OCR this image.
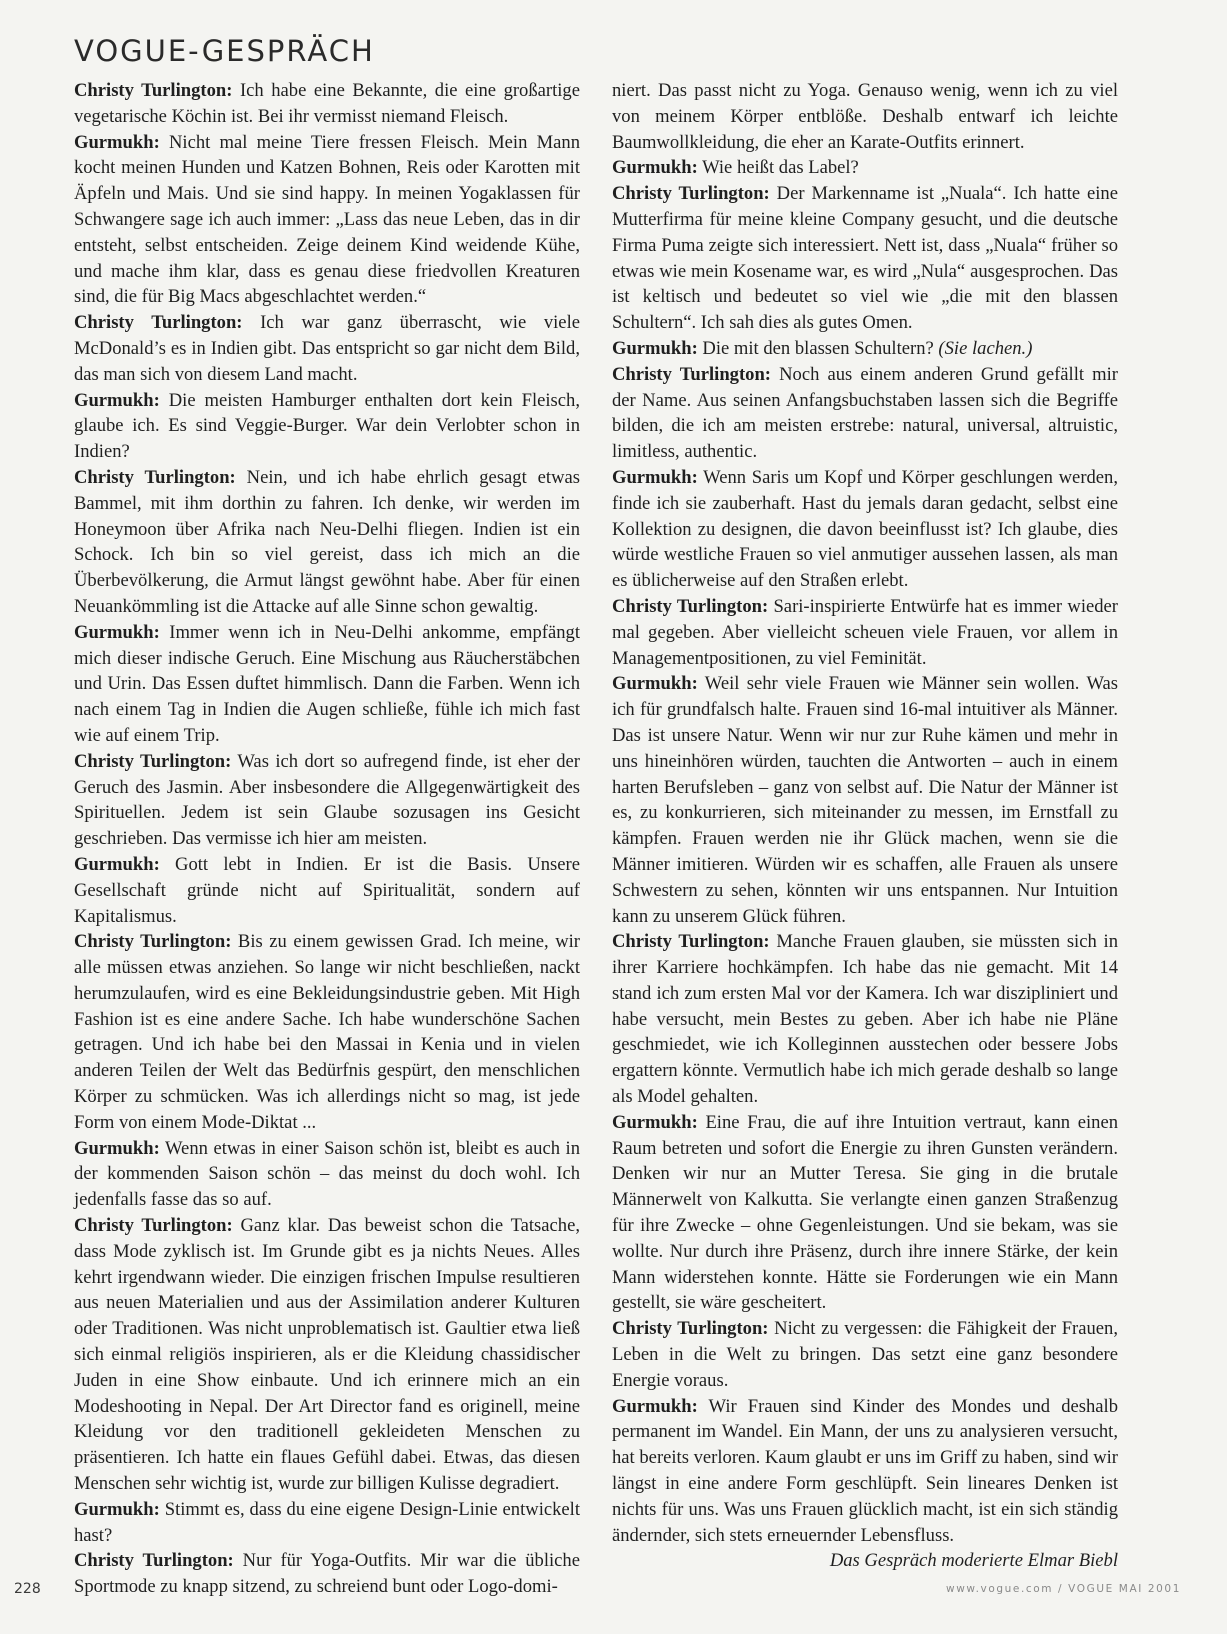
VOGUE-GESPRÄCH

Christy Turlington: Ich habe eine Bekannte, die eine großartige vegetarische Köchin ist. Bei ihr vermisst niemand Fleisch.

Gurmukh: Nicht mal meine Tiere fressen Fleisch. Mein Mann kocht meinen Hunden und Katzen Bohnen, Reis oder Karotten mit Äpfeln und Mais. Und sie sind happy. In meinen Yogaklassen für Schwangere sage ich auch immer: „Lass das neue Leben, das in dir entsteht, selbst entscheiden. Zeige deinem Kind weidende Kühe, und mache ihm klar, dass es genau diese friedvollen Kreaturen sind, die für Big Macs abgeschlachtet werden.“

Christy Turlington: Ich war ganz überrascht, wie viele McDonald’s es in Indien gibt. Das entspricht so gar nicht dem Bild, das man sich von diesem Land macht.

Gurmukh: Die meisten Hamburger enthalten dort kein Fleisch, glaube ich. Es sind Veggie-Burger. War dein Verlobter schon in Indien?

Christy Turlington: Nein, und ich habe ehrlich gesagt etwas Bammel, mit ihm dorthin zu fahren. Ich denke, wir werden im Honeymoon über Afrika nach Neu-Delhi fliegen. Indien ist ein Schock. Ich bin so viel gereist, dass ich mich an die Überbevölkerung, die Armut längst gewöhnt habe. Aber für einen Neuankömmling ist die Attacke auf alle Sinne schon gewaltig.

Gurmukh: Immer wenn ich in Neu-Delhi ankomme, empfängt mich dieser indische Geruch. Eine Mischung aus Räucherstäbchen und Urin. Das Essen duftet himmlisch. Dann die Farben. Wenn ich nach einem Tag in Indien die Augen schließe, fühle ich mich fast wie auf einem Trip.

Christy Turlington: Was ich dort so aufregend finde, ist eher der Geruch des Jasmin. Aber insbesondere die Allgegenwärtigkeit des Spirituellen. Jedem ist sein Glaube sozusagen ins Gesicht geschrieben. Das vermisse ich hier am meisten.

Gurmukh: Gott lebt in Indien. Er ist die Basis. Unsere Gesellschaft gründe nicht auf Spiritualität, sondern auf Kapitalismus.

Christy Turlington: Bis zu einem gewissen Grad. Ich meine, wir alle müssen etwas anziehen. So lange wir nicht beschließen, nackt herumzulaufen, wird es eine Bekleidungsindustrie geben. Mit High Fashion ist es eine andere Sache. Ich habe wunderschöne Sachen getragen. Und ich habe bei den Massai in Kenia und in vielen anderen Teilen der Welt das Bedürfnis gespürt, den menschlichen Körper zu schmücken. Was ich allerdings nicht so mag, ist jede Form von einem Mode-Diktat ...

Gurmukh: Wenn etwas in einer Saison schön ist, bleibt es auch in der kommenden Saison schön – das meinst du doch wohl. Ich jedenfalls fasse das so auf.

Christy Turlington: Ganz klar. Das beweist schon die Tatsache, dass Mode zyklisch ist. Im Grunde gibt es ja nichts Neues. Alles kehrt irgendwann wieder. Die einzigen frischen Impulse resultieren aus neuen Materialien und aus der Assimilation anderer Kulturen oder Traditionen. Was nicht unproblematisch ist. Gaultier etwa ließ sich einmal religiös inspirieren, als er die Kleidung chassidischer Juden in eine Show einbaute. Und ich erinnere mich an ein Modeshooting in Nepal. Der Art Director fand es originell, meine Kleidung vor den traditionell gekleideten Menschen zu präsentieren. Ich hatte ein flaues Gefühl dabei. Etwas, das diesen Menschen sehr wichtig ist, wurde zur billigen Kulisse degradiert.

Gurmukh: Stimmt es, dass du eine eigene Design-Linie entwickelt hast?

Christy Turlington: Nur für Yoga-Outfits. Mir war die übliche Sportmode zu knapp sitzend, zu schreiend bunt oder Logo-domi-

niert. Das passt nicht zu Yoga. Genauso wenig, wenn ich zu viel von meinem Körper entblöße. Deshalb entwarf ich leichte Baumwollkleidung, die eher an Karate-Outfits erinnert.

Gurmukh: Wie heißt das Label?

Christy Turlington: Der Markenname ist „Nuala“. Ich hatte eine Mutterfirma für meine kleine Company gesucht, und die deutsche Firma Puma zeigte sich interessiert. Nett ist, dass „Nuala“ früher so etwas wie mein Kosename war, es wird „Nula“ ausgesprochen. Das ist keltisch und bedeutet so viel wie „die mit den blassen Schultern“. Ich sah dies als gutes Omen.

Gurmukh: Die mit den blassen Schultern? (Sie lachen.)

Christy Turlington: Noch aus einem anderen Grund gefällt mir der Name. Aus seinen Anfangsbuchstaben lassen sich die Begriffe bilden, die ich am meisten erstrebe: natural, universal, altruistic, limitless, authentic.

Gurmukh: Wenn Saris um Kopf und Körper geschlungen werden, finde ich sie zauberhaft. Hast du jemals daran gedacht, selbst eine Kollektion zu designen, die davon beeinflusst ist? Ich glaube, dies würde westliche Frauen so viel anmutiger aussehen lassen, als man es üblicherweise auf den Straßen erlebt.

Christy Turlington: Sari-inspirierte Entwürfe hat es immer wieder mal gegeben. Aber vielleicht scheuen viele Frauen, vor allem in Managementpositionen, zu viel Feminität.

Gurmukh: Weil sehr viele Frauen wie Männer sein wollen. Was ich für grundfalsch halte. Frauen sind 16-mal intuitiver als Männer. Das ist unsere Natur. Wenn wir nur zur Ruhe kämen und mehr in uns hineinhören würden, tauchten die Antworten – auch in einem harten Berufsleben – ganz von selbst auf. Die Natur der Männer ist es, zu konkurrieren, sich miteinander zu messen, im Ernstfall zu kämpfen. Frauen werden nie ihr Glück machen, wenn sie die Männer imitieren. Würden wir es schaffen, alle Frauen als unsere Schwestern zu sehen, könnten wir uns entspannen. Nur Intuition kann zu unserem Glück führen.

Christy Turlington: Manche Frauen glauben, sie müssten sich in ihrer Karriere hochkämpfen. Ich habe das nie gemacht. Mit 14 stand ich zum ersten Mal vor der Kamera. Ich war diszipliniert und habe versucht, mein Bestes zu geben. Aber ich habe nie Pläne geschmiedet, wie ich Kolleginnen ausstechen oder bessere Jobs ergattern könnte. Vermutlich habe ich mich gerade deshalb so lange als Model gehalten.

Gurmukh: Eine Frau, die auf ihre Intuition vertraut, kann einen Raum betreten und sofort die Energie zu ihren Gunsten verändern. Denken wir nur an Mutter Teresa. Sie ging in die brutale Männerwelt von Kalkutta. Sie verlangte einen ganzen Straßenzug für ihre Zwecke – ohne Gegenleistungen. Und sie bekam, was sie wollte. Nur durch ihre Präsenz, durch ihre innere Stärke, der kein Mann widerstehen konnte. Hätte sie Forderungen wie ein Mann gestellt, sie wäre gescheitert.

Christy Turlington: Nicht zu vergessen: die Fähigkeit der Frauen, Leben in die Welt zu bringen. Das setzt eine ganz besondere Energie voraus.

Gurmukh: Wir Frauen sind Kinder des Mondes und deshalb permanent im Wandel. Ein Mann, der uns zu analysieren versucht, hat bereits verloren. Kaum glaubt er uns im Griff zu haben, sind wir längst in eine andere Form geschlüpft. Sein lineares Denken ist nichts für uns. Was uns Frauen glücklich macht, ist ein sich ständig ändernder, sich stets erneuernder Lebensfluss.

Das Gespräch moderierte Elmar Biebl

228	www.vogue.com / VOGUE MAI 2001
